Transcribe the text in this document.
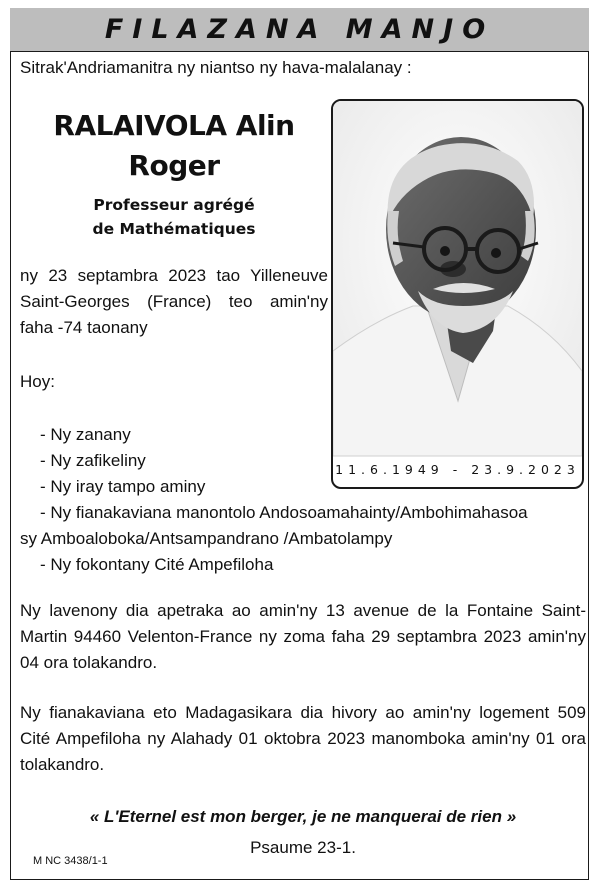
FILAZANA MANJO
Sitrak'Andriamanitra ny niantso ny hava-malalanay :
RALAIVOLA Alin
Roger
Professeur agrégé
de Mathématiques
ny 23 septambra 2023 tao Yilleneuve
Saint-Georges (France) teo amin'ny
faha -74 taonany
11.6.1949 - 23.9.2023
Hoy:
- Ny zanany
- Ny zafikeliny
- Ny iray tampo aminy
- Ny fianakaviana manontolo Andosoamahainty/Ambohimahasoa
sy Amboaloboka/Antsampandrano /Ambatolampy
- Ny fokontany Cité Ampefiloha
Ny lavenony dia apetraka ao amin'ny 13 avenue de la Fontaine Saint-Martin 94460 Velenton-France ny zoma faha 29 septambra 2023 amin'ny 04 ora tolakandro.
Ny fianakaviana eto Madagasikara dia hivory ao amin'ny logement 509 Cité Ampefiloha ny Alahady 01 oktobra 2023 manomboka amin'ny 01 ora tolakandro.
« L'Eternel est mon berger, je ne manquerai de rien »
Psaume 23-1.
M NC 3438/1-1
